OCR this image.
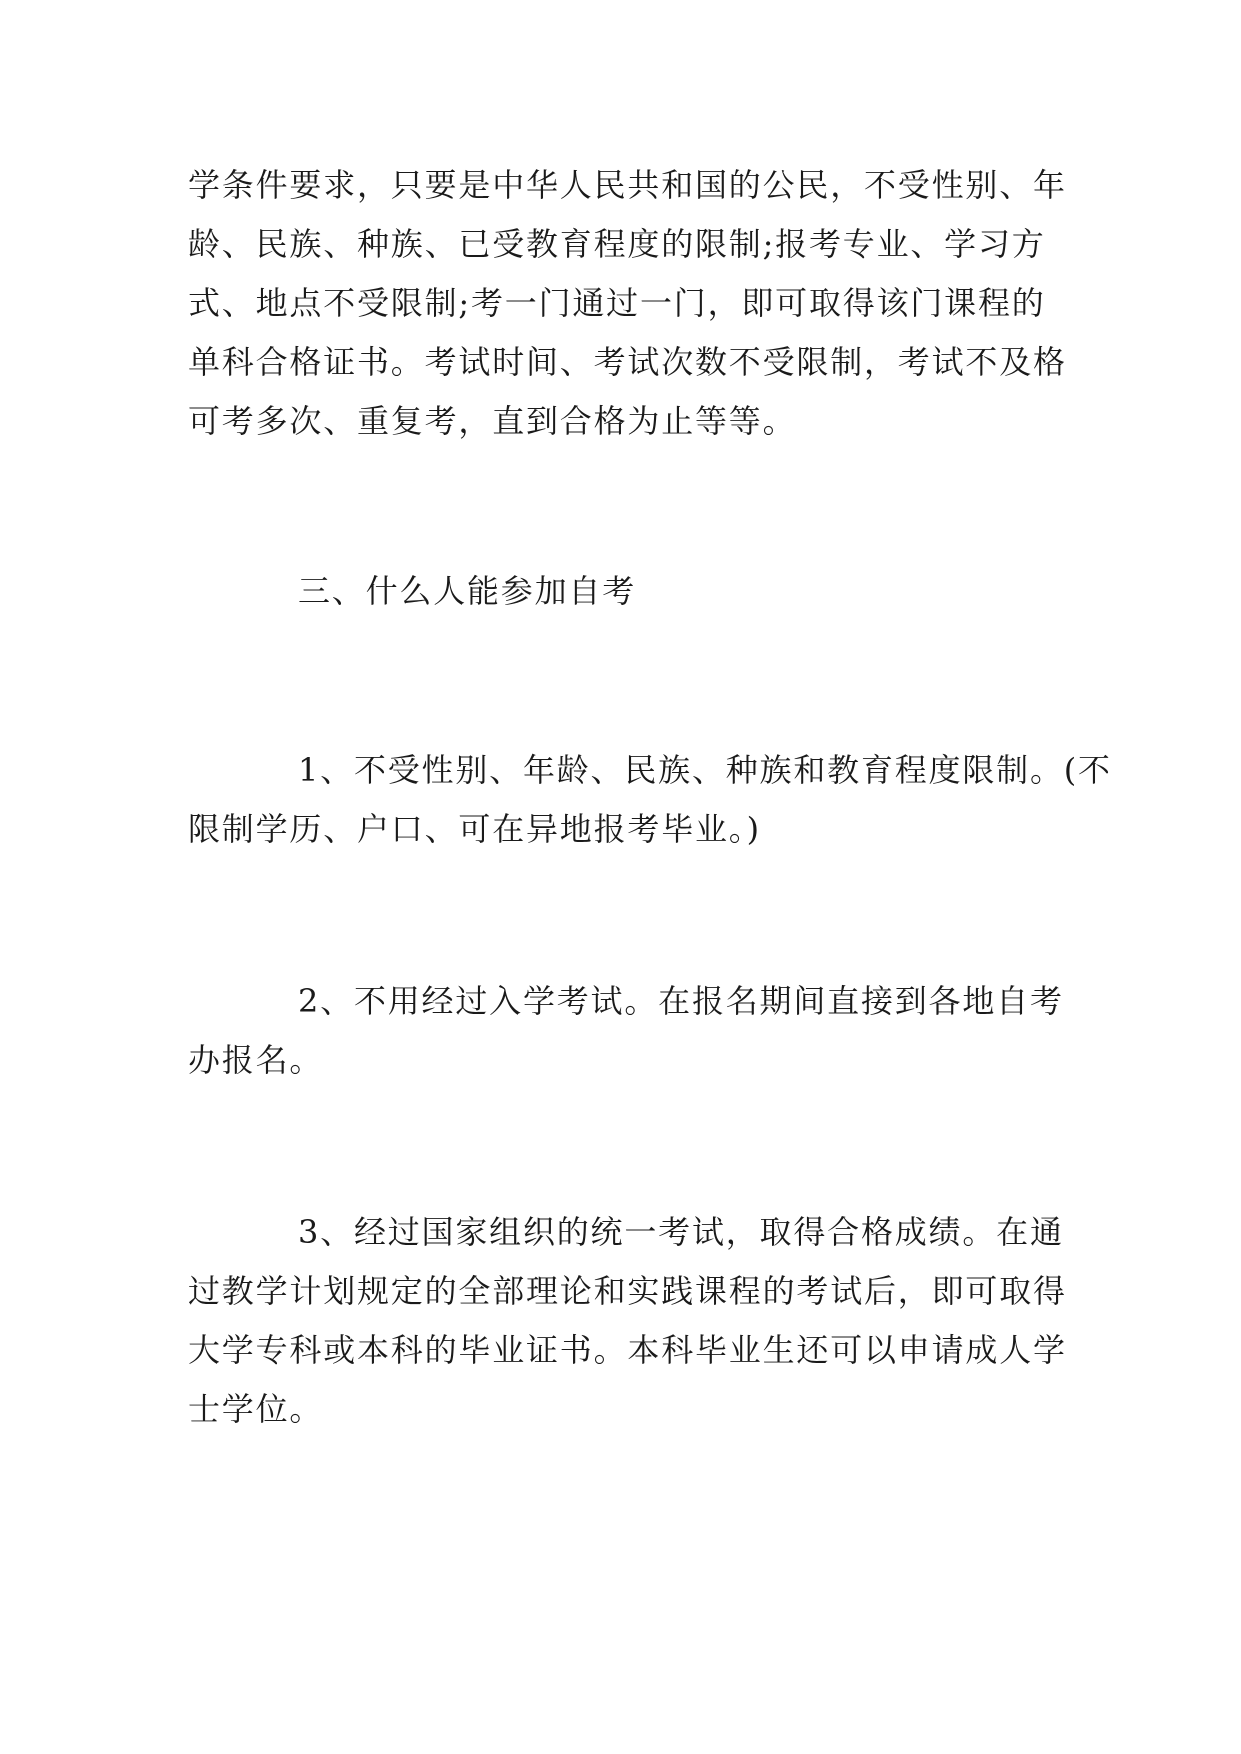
学条件要求，只要是中华人民共和国的公民，不受性别、年
龄、民族、种族、已受教育程度的限制;报考专业、学习方
式、地点不受限制;考一门通过一门，即可取得该门课程的
单科合格证书。考试时间、考试次数不受限制，考试不及格
可考多次、重复考，直到合格为止等等。
三、什么人能参加自考
1、不受性别、年龄、民族、种族和教育程度限制。(不
限制学历、户口、可在异地报考毕业。)
2、不用经过入学考试。在报名期间直接到各地自考
办报名。
3、经过国家组织的统一考试，取得合格成绩。在通
过教学计划规定的全部理论和实践课程的考试后，即可取得
大学专科或本科的毕业证书。本科毕业生还可以申请成人学
士学位。
